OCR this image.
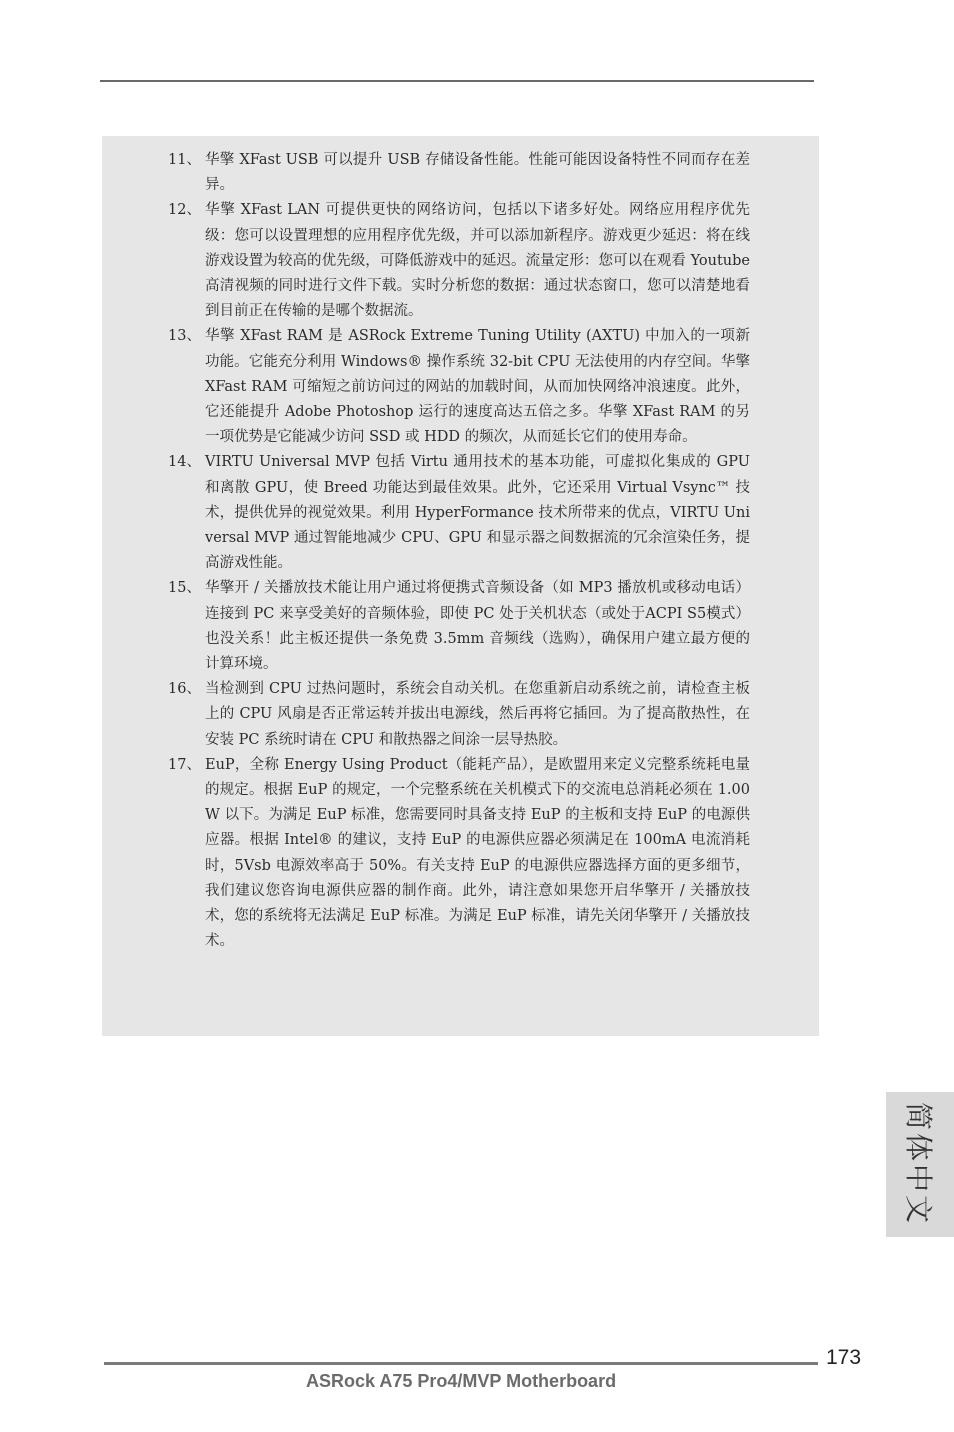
11、 华擎 XFast USB 可以提升 USB 存储设备性能。性能可能因设备特性不同而存在差异。
12、 华擎 XFast LAN 可提供更快的网络访问，包括以下诸多好处。网络应用程序优先级：您可以设置理想的应用程序优先级，并可以添加新程序。游戏更少延迟：将在线游戏设置为较高的优先级，可降低游戏中的延迟。流量定形：您可以在观看 Youtube 高清视频的同时进行文件下载。实时分析您的数据：通过状态窗口，您可以清楚地看到目前正在传输的是哪个数据流。
13、 华擎 XFast RAM 是 ASRock Extreme Tuning Utility (AXTU) 中加入的一项新功能。它能充分利用 Windows® 操作系统 32-bit CPU 无法使用的内存空间。华擎 XFast RAM 可缩短之前访问过的网站的加载时间，从而加快网络冲浪速度。此外，它还能提升 Adobe Photoshop 运行的速度高达五倍之多。华擎 XFast RAM 的另一项优势是它能减少访问 SSD 或 HDD 的频次，从而延长它们的使用寿命。
14、 VIRTU Universal MVP 包括 Virtu 通用技术的基本功能，可虚拟化集成的 GPU 和离散 GPU，使 Breed 功能达到最佳效果。此外，它还采用 Virtual Vsync™ 技术，提供优异的视觉效果。利用 HyperFormance 技术所带来的优点，VIRTU Universal MVP 通过智能地减少 CPU、GPU 和显示器之间数据流的冗余渲染任务，提高游戏性能。
15、 华擎开 / 关播放技术能让用户通过将便携式音频设备（如 MP3 播放机或移动电话）连接到 PC 来享受美好的音频体验，即使 PC 处于关机状态（或处于ACPI S5模式）也没关系！此主板还提供一条免费 3.5mm 音频线（选购），确保用户建立最方便的计算环境。
16、 当检测到 CPU 过热问题时，系统会自动关机。在您重新启动系统之前，请检查主板上的 CPU 风扇是否正常运转并拔出电源线，然后再将它插回。为了提高散热性，在安装 PC 系统时请在 CPU 和散热器之间涂一层导热胶。
17、 EuP，全称 Energy Using Product（能耗产品），是欧盟用来定义完整系统耗电量的规定。根据 EuP 的规定，一个完整系统在关机模式下的交流电总消耗必须在 1.00W 以下。为满足 EuP 标准，您需要同时具备支持 EuP 的主板和支持 EuP 的电源供应器。根据 Intel® 的建议，支持 EuP 的电源供应器必须满足在 100mA 电流消耗时，5Vsb 电源效率高于 50%。有关支持 EuP 的电源供应器选择方面的更多细节，我们建议您咨询电源供应器的制作商。此外，请注意如果您开启华擎开 / 关播放技术，您的系统将无法满足 EuP 标准。为满足 EuP 标准，请先关闭华擎开 / 关播放技术。
简体中文
173
ASRock A75 Pro4/MVP Motherboard
